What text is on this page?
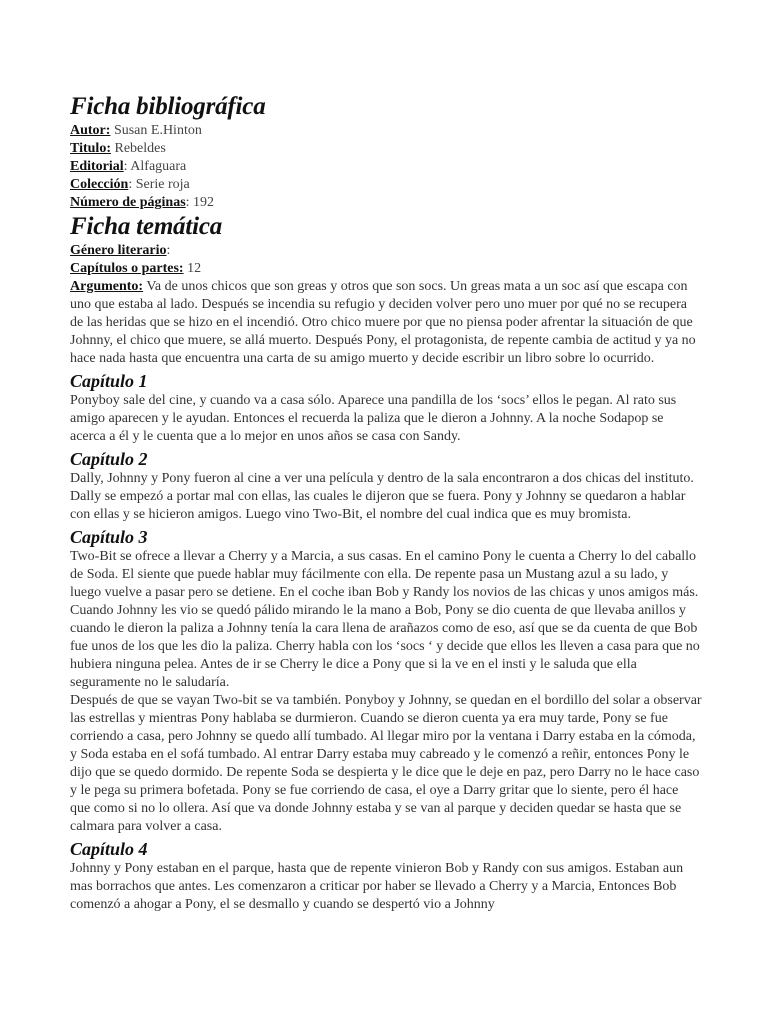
Ficha bibliográfica
Autor: Susan E.Hinton
Titulo: Rebeldes
Editorial: Alfaguara
Colección: Serie roja
Número de páginas: 192
Ficha temática
Género literario:
Capítulos o partes: 12

Argumento: Va de unos chicos que son greas y otros que son socs. Un greas mata a un soc así que escapa con uno que estaba al lado. Después se incendia su refugio y deciden volver pero uno muer por qué no se recupera de las heridas que se hizo en el incendió. Otro chico muere por que no piensa poder afrentar la situación de que Johnny, el chico que muere, se allá muerto. Después Pony, el protagonista, de repente cambia de actitud y ya no hace nada hasta que encuentra una carta de su amigo muerto y decide escribir un libro sobre lo ocurrido.

Capítulo 1

Ponyboy sale del cine, y cuando va a casa sólo. Aparece una pandilla de los ‘socs’ ellos le pegan. Al rato sus amigo aparecen y le ayudan. Entonces el recuerda la paliza que le dieron a Johnny. A la noche Sodapop se acerca a él y le cuenta que a lo mejor en unos años se casa con Sandy.

Capítulo 2

Dally, Johnny y Pony fueron al cine a ver una película y dentro de la sala encontraron a dos chicas del instituto. Dally se empezó a portar mal con ellas, las cuales le dijeron que se fuera. Pony y Johnny se quedaron a hablar con ellas y se hicieron amigos. Luego vino Two-Bit, el nombre del cual indica que es muy bromista.

Capítulo 3

Two-Bit se ofrece a llevar a Cherry y a Marcia, a sus casas. En el camino Pony le cuenta a Cherry lo del caballo de Soda. El siente que puede hablar muy fácilmente con ella. De repente pasa un Mustang azul a su lado, y luego vuelve a pasar pero se detiene. En el coche iban Bob y Randy los novios de las chicas y unos amigos más. Cuando Johnny les vio se quedó pálido mirando le la mano a Bob, Pony se dio cuenta de que llevaba anillos y cuando le dieron la paliza a Johnny tenía la cara llena de arañazos como de eso, así que se da cuenta de que Bob fue unos de los que les dio la paliza. Cherry habla con los ‘socs ‘ y decide que ellos les lleven a casa para que no hubiera ninguna pelea. Antes de ir se Cherry le dice a Pony que si la ve en el insti y le saluda que ella seguramente no le saludaría.

Después de que se vayan Two-bit se va también. Ponyboy y Johnny, se quedan en el bordillo del solar a observar las estrellas y mientras Pony hablaba se durmieron. Cuando se dieron cuenta ya era muy tarde, Pony se fue corriendo a casa, pero Johnny se quedo allí tumbado. Al llegar miro por la ventana i Darry estaba en la cómoda, y Soda estaba en el sofá tumbado. Al entrar Darry estaba muy cabreado y le comenzó a reñir, entonces Pony le dijo que se quedo dormido. De repente Soda se despierta y le dice que le deje en paz, pero Darry no le hace caso y le pega su primera bofetada. Pony se fue corriendo de casa, el oye a Darry gritar que lo siente, pero él hace que como si no lo ollera. Así que va donde Johnny estaba y se van al parque y deciden quedar se hasta que se calmara para volver a casa.

Capítulo 4

Johnny y Pony estaban en el parque, hasta que de repente vinieron Bob y Randy con sus amigos. Estaban aun mas borrachos que antes. Les comenzaron a criticar por haber se llevado a Cherry y a Marcia, Entonces Bob comenzó a ahogar a Pony, el se desmallo y cuando se despertó vio a Johnny
